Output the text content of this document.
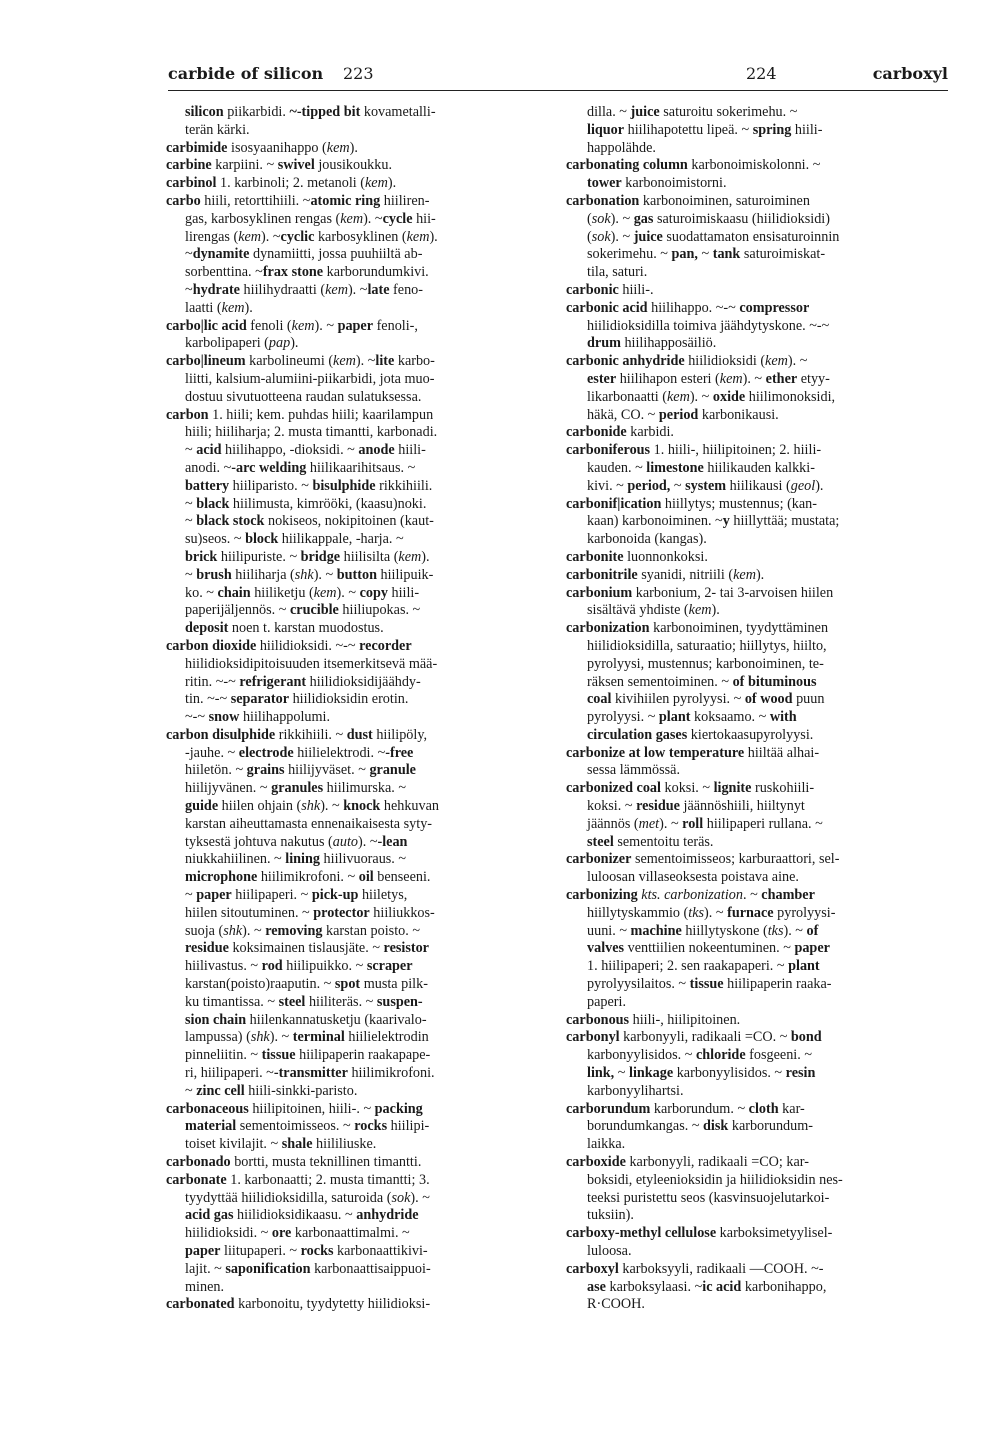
carbide of silicon 223	224	carboxyl
silicon piikarbidi. ~-tipped bit kovametalli-
terän kärki.
carbimide isosyaanihappo (kem).
carbine karpiini. ~ swivel jousikoukku.
carbinol 1. karbinoli; 2. metanoli (kem).
carbo hiili, retorttihiili. ~atomic ring hiiliren-
gas, karbosyklinen rengas (kem). ~cycle hii-
lirengas (kem). ~cyclic karbosyklinen (kem).
~dynamite dynamiitti, jossa puuhiiltä ab-
sorbenttina. ~frax stone karborundumkivi.
~hydrate hiilihydraatti (kem). ~late feno-
laatti (kem).
carbo|lic acid fenoli (kem). ~ paper fenoli-,
karbolipaperi (pap).
carbo|lineum karbolineumi (kem). ~lite karbo-
liitti, kalsium-alumiini-piikarbidi, jota muo-
dostuu sivutuotteena raudan sulatuksessa.
carbon 1. hiili; kem. puhdas hiili; kaarilampun
hiili; hiiliharja; 2. musta timantti, karbonadi.
~ acid hiilihappo, -dioksidi. ~ anode hiili-
anodi. ~-arc welding hiilikaarihitsaus. ~
battery hiiliparisto. ~ bisulphide rikkihiili.
~ black hiilimusta, kimrööki, (kaasu)noki.
~ black stock nokiseos, nokipitoinen (kaut-
su)seos. ~ block hiilikappale, -harja. ~
brick hiilipuriste. ~ bridge hiilisilta (kem).
~ brush hiiliharja (shk). ~ button hiilipuik-
ko. ~ chain hiiliketju (kem). ~ copy hiili-
paperijäljennös. ~ crucible hiiliupokas. ~
deposit noen t. karstan muodostus.
carbon dioxide hiilidioksidi. ~-~ recorder
hiilidioksidipitoisuuden itsemerkitsevä mää-
ritin. ~-~ refrigerant hiilidioksidijäähdy-
tin. ~-~ separator hiilidioksidin erotin.
~-~ snow hiilihappolumi.
carbon disulphide rikkihiili. ~ dust hiilipöly,
-jauhe. ~ electrode hiilielektrodi. ~-free
hiiletön. ~ grains hiilijyväset. ~ granule
hiilijyvänen. ~ granules hiilimurska. ~
guide hiilen ohjain (shk). ~ knock hehkuvan
karstan aiheuttamasta ennenaikaisesta syty-
tyksestä johtuva nakutus (auto). ~-lean
niukkahiilinen. ~ lining hiilivuoraus. ~
microphone hiilimikrofoni. ~ oil benseeni.
~ paper hiilipaperi. ~ pick-up hiiletys,
hiilen sitoutuminen. ~ protector hiiliukkos-
suoja (shk). ~ removing karstan poisto. ~
residue koksimainen tislausjäte. ~ resistor
hiilivastus. ~ rod hiilipuikko. ~ scraper
karstan(poisto)raaputin. ~ spot musta pilk-
ku timantissa. ~ steel hiiliteräs. ~ suspen-
sion chain hiilenkannatusketju (kaarivalo-
lampussa) (shk). ~ terminal hiilielektrodin
pinneliitin. ~ tissue hiilipaperin raakapape-
ri, hiilipaperi. ~-transmitter hiilimikrofoni.
~ zinc cell hiili-sinkki-paristo.
carbonaceous hiilipitoinen, hiili-. ~ packing
material sementoimisseos. ~ rocks hiilipi-
toiset kivilajit. ~ shale hiililiuske.
carbonado bortti, musta teknillinen timantti.
carbonate 1. karbonaatti; 2. musta timantti; 3.
tyydyttää hiilidioksidilla, saturoida (sok). ~
acid gas hiilidioksidikaasu. ~ anhydride
hiilidioksidi. ~ ore karbonaattimalmi. ~
paper liitupaperi. ~ rocks karbonaattikivi-
lajit. ~ saponification karbonaattisaippuoi-
minen.
carbonated karbonoitu, tyydytetty hiilidioksi-
dilla. ~ juice saturoitu sokerimehu. ~
liquor hiilihapotettu lipeä. ~ spring hiili-
happolähde.
carbonating column karbonoimiskolonni. ~
tower karbonoimistorni.
carbonation karbonoiminen, saturoiminen
(sok). ~ gas saturoimiskaasu (hiilidioksidi)
(sok). ~ juice suodattamaton ensisaturoinnin
sokerimehu. ~ pan, ~ tank saturoimiskat-
tila, saturi.
carbonic hiili-.
carbonic acid hiilihappo. ~-~ compressor
hiilidioksidilla toimiva jäähdytyskone. ~-~
drum hiilihapposäiliö.
carbonic anhydride hiilidioksidi (kem). ~
ester hiilihapon esteri (kem). ~ ether etyy-
likarbonaatti (kem). ~ oxide hiilimonoksidi,
häkä, CO. ~ period karbonikausi.
carbonide karbidi.
carboniferous 1. hiili-, hiilipitoinen; 2. hiili-
kauden. ~ limestone hiilikauden kalkki-
kivi. ~ period, ~ system hiilikausi (geol).
carbonif|ication hiillytys; mustennus; (kan-
kaan) karbonoiminen. ~y hiillyttää; mustata;
karbonoida (kangas).
carbonite luonnonkoksi.
carbonitrile syanidi, nitriili (kem).
carbonium karbonium, 2- tai 3-arvoisen hiilen
sisältävä yhdiste (kem).
carbonization karbonoiminen, tyydyttäminen
hiilidioksidilla, saturaatio; hiillytys, hiilto,
pyrolyysi, mustennus; karbonoiminen, te-
räksen sementoiminen. ~ of bituminous
coal kivihiilen pyrolyysi. ~ of wood puun
pyrolyysi. ~ plant koksaamo. ~ with
circulation gases kiertokaasupyrolyysi.
carbonize at low temperature hiiltää alhai-
sessa lämmössä.
carbonized coal koksi. ~ lignite ruskohiili-
koksi. ~ residue jäännöshiili, hiiltynyt
jäännös (met). ~ roll hiilipaperi rullana. ~
steel sementoitu teräs.
carbonizer sementoimisseos; karburaattori, sel-
luloosan villaseoksesta poistava aine.
carbonizing kts. carbonization. ~ chamber
hiillytyskammio (tks). ~ furnace pyrolyysi-
uuni. ~ machine hiillytyskone (tks). ~ of
valves venttiilien nokeentuminen. ~ paper
1. hiilipaperi; 2. sen raakapaperi. ~ plant
pyrolyysilaitos. ~ tissue hiilipaperin raaka-
paperi.
carbonous hiili-, hiilipitoinen.
carbonyl karbonyyli, radikaali =CO. ~ bond
karbonyylisidos. ~ chloride fosgeeni. ~
link, ~ linkage karbonyylisidos. ~ resin
karbonyylihartsi.
carborundum karborundum. ~ cloth kar-
borundumkangas. ~ disk karborundum-
laikka.
carboxide karbonyyli, radikaali =CO; kar-
boksidi, etyleenioksidin ja hiilidioksidin nes-
teeksi puristettu seos (kasvinsuojelutarkoi-
tuksiin).
carboxy-methyl cellulose karboksimetyylisel-
luloosa.
carboxyl karboksyyli, radikaali —COOH. ~-
ase karboksylaasi. ~ic acid karbonihappo,
R·COOH.
